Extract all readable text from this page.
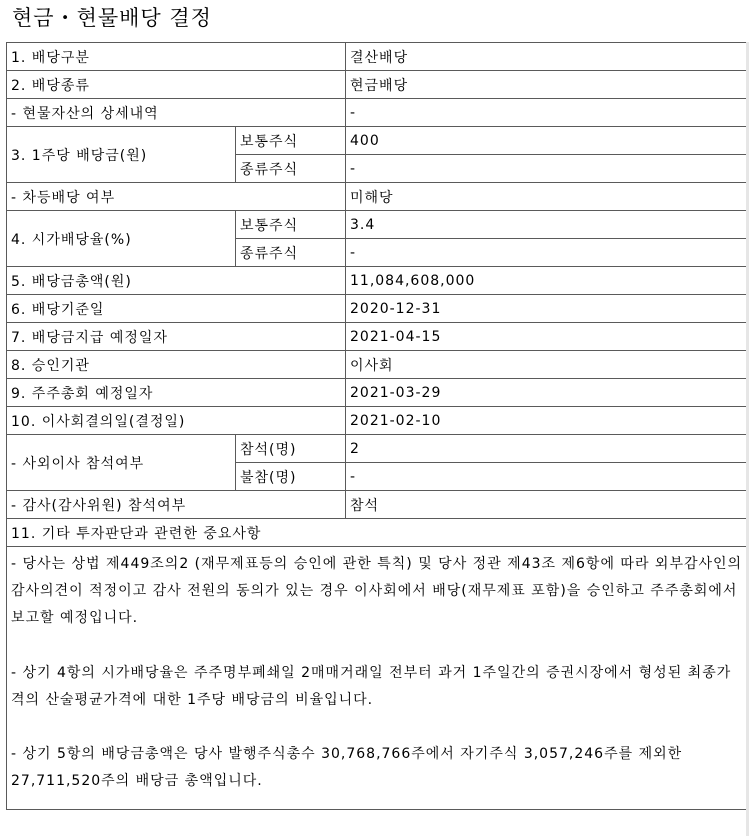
현금・현물배당 결정
1. 배당구분		결산배당
2. 배당종류		현금배당
- 현물자산의 상세내역		-
3. 1주당 배당금(원)	보통주식	400
	종류주식	-
- 차등배당 여부		미해당
4. 시가배당율(%)	보통주식	3.4
	종류주식	-
5. 배당금총액(원)		11,084,608,000
6. 배당기준일		2020-12-31
7. 배당금지급 예정일자		2021-04-15
8. 승인기관		이사회
9. 주주총회 예정일자		2021-03-29
10. 이사회결의일(결정일)		2021-02-10
- 사외이사 참석여부	참석(명)	2
	불참(명)	-
- 감사(감사위원) 참석여부		참석
11. 기타 투자판단과 관련한 중요사항		

- 당사는 상법 제449조의2 (재무제표등의 승인에 관한 특칙) 및 당사 정관 제43조 제6항에 따라 외부감사인의 감사의견이 적정이고 감사 전원의 동의가 있는 경우 이사회에서 배당(재무제표 포함)을 승인하고 주주총회에서 보고할 예정입니다.

- 상기 4항의 시가배당율은 주주명부폐쇄일 2매매거래일 전부터 과거 1주일간의 증권시장에서 형성된 최종가격의 산술평균가격에 대한 1주당 배당금의 비율입니다.

- 상기 5항의 배당금총액은 당사 발행주식총수 30,768,766주에서 자기주식 3,057,246주를 제외한 27,711,520주의 배당금 총액입니다.		
